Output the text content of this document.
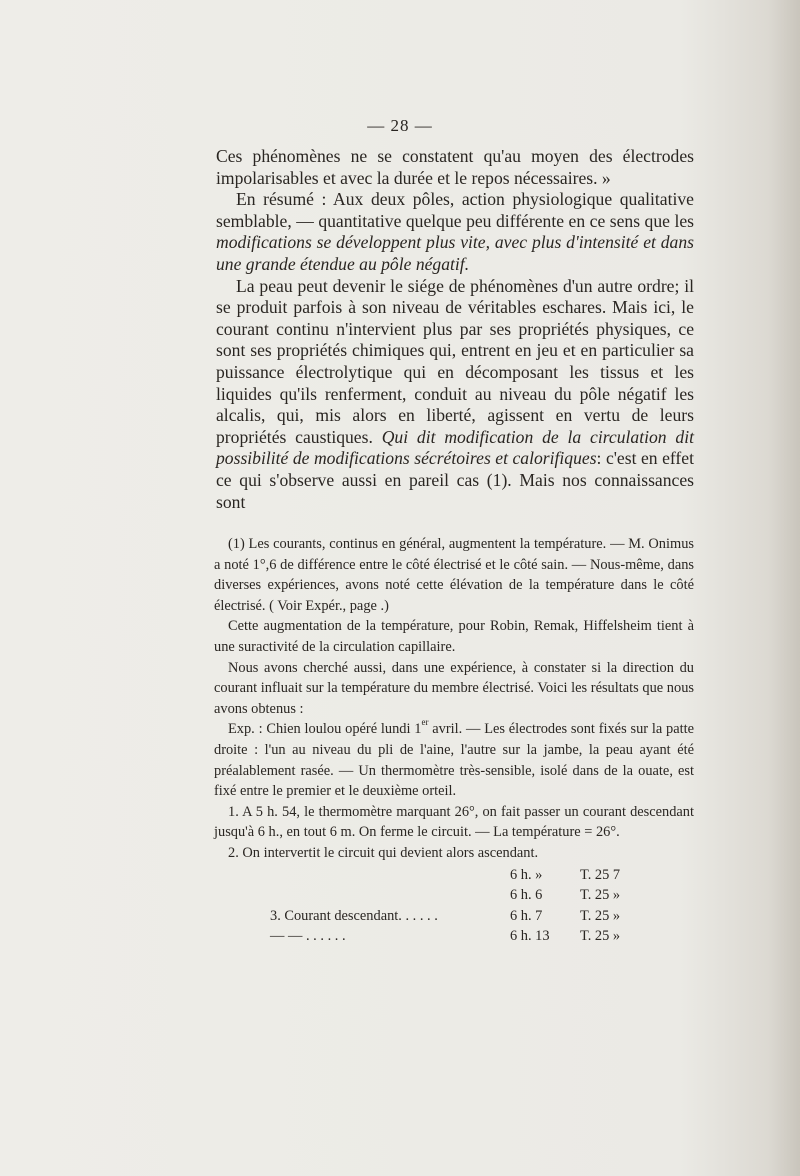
— 28 —

Ces phénomènes ne se constatent qu'au moyen des électrodes impolarisables et avec la durée et le repos nécessaires. »

En résumé : Aux deux pôles, action physiologique qualitative semblable, — quantitative quelque peu différente en ce sens que les modifications se développent plus vite, avec plus d'intensité et dans une grande étendue au pôle négatif.

La peau peut devenir le siége de phénomènes d'un autre ordre; il se produit parfois à son niveau de véritables eschares. Mais ici, le courant continu n'intervient plus par ses propriétés physiques, ce sont ses propriétés chimiques qui, entrent en jeu et en particulier sa puissance électrolytique qui en décomposant les tissus et les liquides qu'ils renferment, conduit au niveau du pôle négatif les alcalis, qui, mis alors en liberté, agissent en vertu de leurs propriétés caustiques. Qui dit modification de la circulation dit possibilité de modifications sécrétoires et calorifiques: c'est en effet ce qui s'observe aussi en pareil cas (1). Mais nos connaissances sont

(1) Les courants, continus en général, augmentent la température. — M. Onimus a noté 1°,6 de différence entre le côté électrisé et le côté sain. — Nous-même, dans diverses expériences, avons noté cette élévation de la température dans le côté électrisé. ( Voir Expér., page .)

Cette augmentation de la température, pour Robin, Remak, Hiffelsheim tient à une suractivité de la circulation capillaire.

Nous avons cherché aussi, dans une expérience, à constater si la direction du courant influait sur la température du membre électrisé. Voici les résultats que nous avons obtenus :

Exp. : Chien loulou opéré lundi 1er avril. — Les électrodes sont fixés sur la patte droite : l'un au niveau du pli de l'aine, l'autre sur la jambe, la peau ayant été préalablement rasée. — Un thermomètre très-sensible, isolé dans de la ouate, est fixé entre le premier et le deuxième orteil.

1. A 5 h. 54, le thermomètre marquant 26°, on fait passer un courant descendant jusqu'à 6 h., en tout 6 m. On ferme le circuit. — La température = 26°.

2. On intervertit le circuit qui devient alors ascendant.

6 h. »	T. 25 7
6 h. 6	T. 25 »
3. Courant descendant. . . . . .	6 h. 7	T. 25 »
— — . . . . . .	6 h. 13 T. 25 »
